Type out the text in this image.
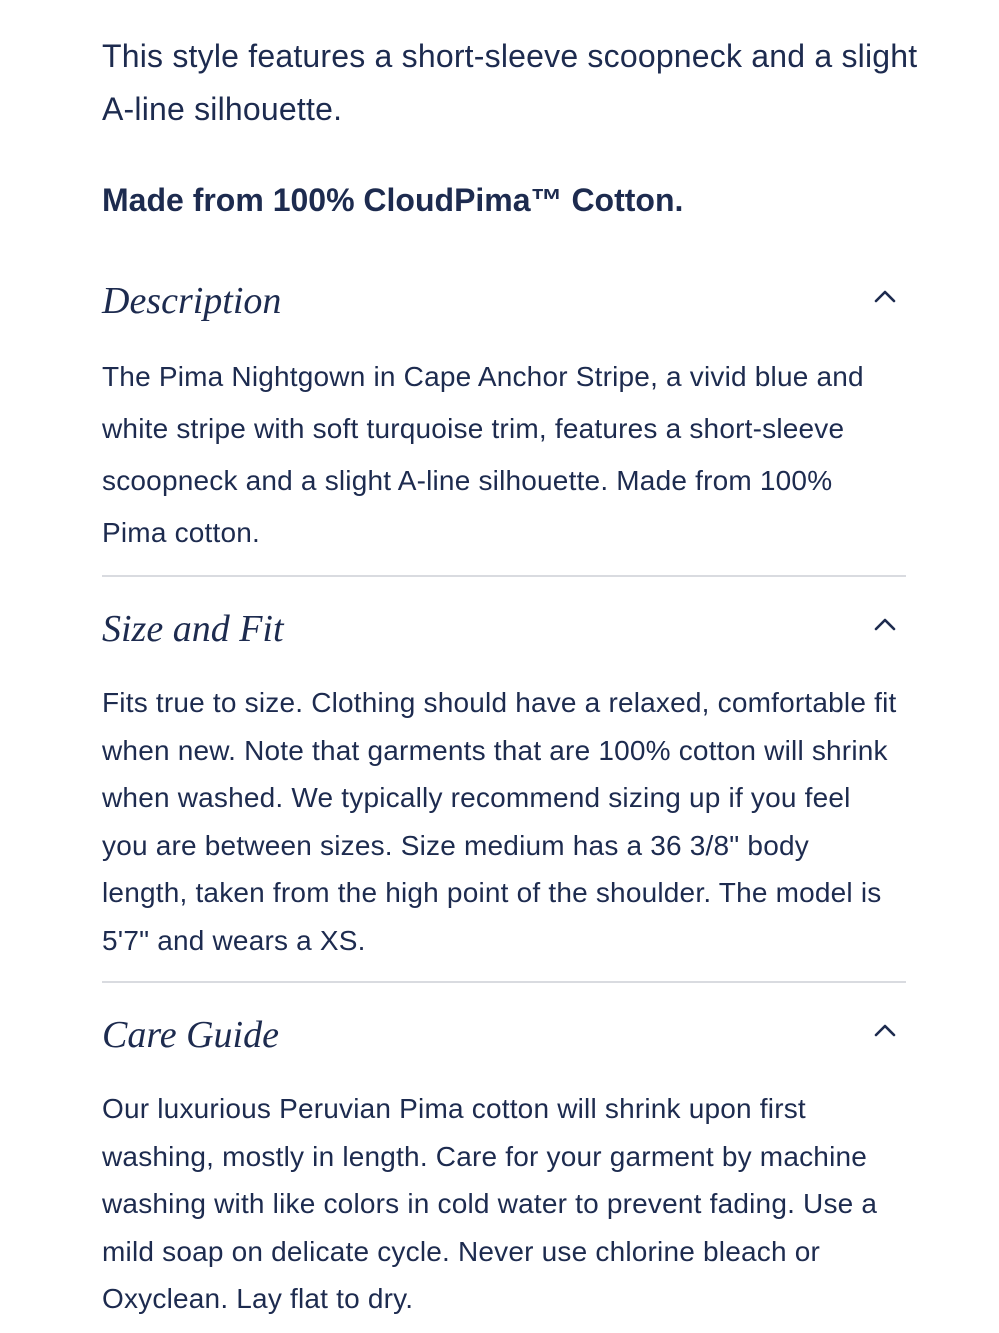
This style features a short-sleeve scoopneck and a slight A-line silhouette.
Made from 100% CloudPima™ Cotton.
Description
The Pima Nightgown in Cape Anchor Stripe, a vivid blue and white stripe with soft turquoise trim, features a short-sleeve scoopneck and a slight A-line silhouette. Made from 100% Pima cotton.
Size and Fit
Fits true to size. Clothing should have a relaxed, comfortable fit when new. Note that garments that are 100% cotton will shrink when washed. We typically recommend sizing up if you feel you are between sizes. Size medium has a 36 3/8" body length, taken from the high point of the shoulder. The model is 5'7" and wears a XS.
Care Guide
Our luxurious Peruvian Pima cotton will shrink upon first washing, mostly in length. Care for your garment by machine washing with like colors in cold water to prevent fading. Use a mild soap on delicate cycle. Never use chlorine bleach or Oxyclean. Lay flat to dry.
